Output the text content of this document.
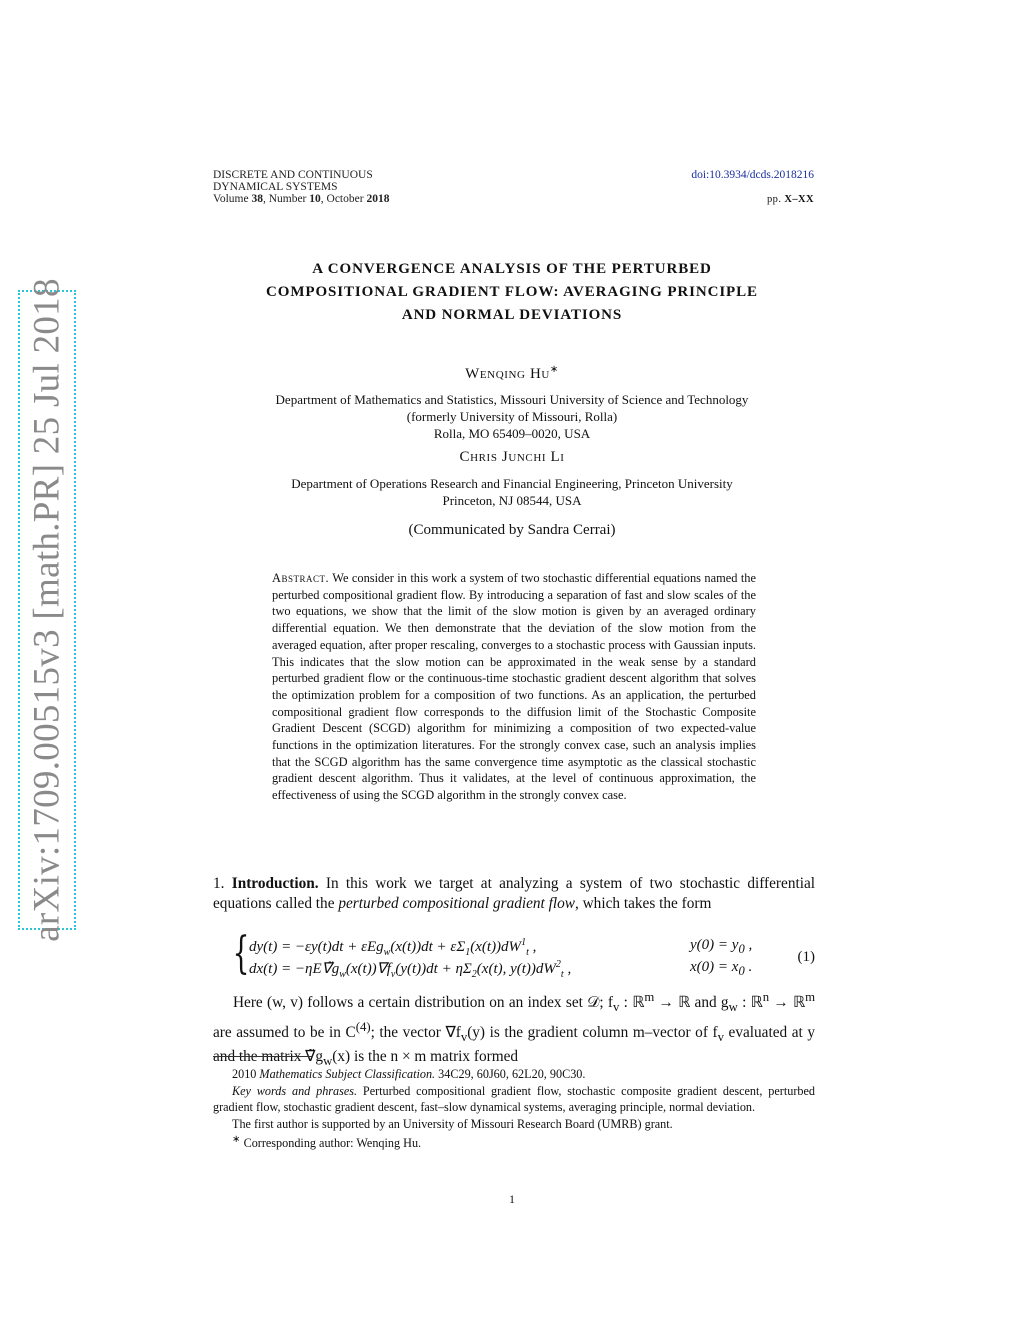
arXiv:1709.00515v3 [math.PR] 25 Jul 2018
DISCRETE AND CONTINUOUS
DYNAMICAL SYSTEMS
Volume 38, Number 10, October 2018
doi:10.3934/dcds.2018216
pp. X–XX
A CONVERGENCE ANALYSIS OF THE PERTURBED
COMPOSITIONAL GRADIENT FLOW: AVERAGING PRINCIPLE
AND NORMAL DEVIATIONS
Wenqing Hu∗
Department of Mathematics and Statistics, Missouri University of Science and Technology
(formerly University of Missouri, Rolla)
Rolla, MO 65409–0020, USA
Chris Junchi Li
Department of Operations Research and Financial Engineering, Princeton University
Princeton, NJ 08544, USA
(Communicated by Sandra Cerrai)
Abstract. We consider in this work a system of two stochastic differential equations named the perturbed compositional gradient flow. By introducing a separation of fast and slow scales of the two equations, we show that the limit of the slow motion is given by an averaged ordinary differential equation. We then demonstrate that the deviation of the slow motion from the averaged equation, after proper rescaling, converges to a stochastic process with Gaussian inputs. This indicates that the slow motion can be approximated in the weak sense by a standard perturbed gradient flow or the continuous-time stochastic gradient descent algorithm that solves the optimization problem for a composition of two functions. As an application, the perturbed compositional gradient flow corresponds to the diffusion limit of the Stochastic Composite Gradient Descent (SCGD) algorithm for minimizing a composition of two expected-value functions in the optimization literatures. For the strongly convex case, such an analysis implies that the SCGD algorithm has the same convergence time asymptotic as the classical stochastic gradient descent algorithm. Thus it validates, at the level of continuous approximation, the effectiveness of using the SCGD algorithm in the strongly convex case.
1. Introduction. In this work we target at analyzing a system of two stochastic differential equations called the perturbed compositional gradient flow, which takes the form
{ $dy(t) = -\varepsilon y(t)dt + \varepsilon Eg_w(x(t))dt + \varepsilon\Sigma_1(x(t))dW^1_t$ ,	$y(0) = y_0$ ,
$dx(t) = -\eta E\nablãg_w(x(t))\nabla f_v(y(t))dt + \eta\Sigma_2(x(t)$, $y(t))dW^2_t$ ,	$x(0) = x_0$ .
(1)
Here (w, v) follows a certain distribution on an index set 𝒟; $f_v$ : ℝ$^m$ → ℝ and $g_w$ : ℝ$^n$ → ℝ$^m$ are assumed to be in $C^{(4)}$; the vector $\nabla f_v(y)$ is the gradient column m–vector of $f_v$ evaluated at y and the matrix $\nablãg_w(x)$ is the n × m matrix formed

2010 Mathematics Subject Classification. 34C29, 60J60, 62L20, 90C30.

Key words and phrases. Perturbed compositional gradient flow, stochastic composite gradient descent, perturbed gradient flow, stochastic gradient descent, fast–slow dynamical systems, averaging principle, normal deviation.

The first author is supported by an University of Missouri Research Board (UMRB) grant.

∗ Corresponding author: Wenqing Hu.

1
